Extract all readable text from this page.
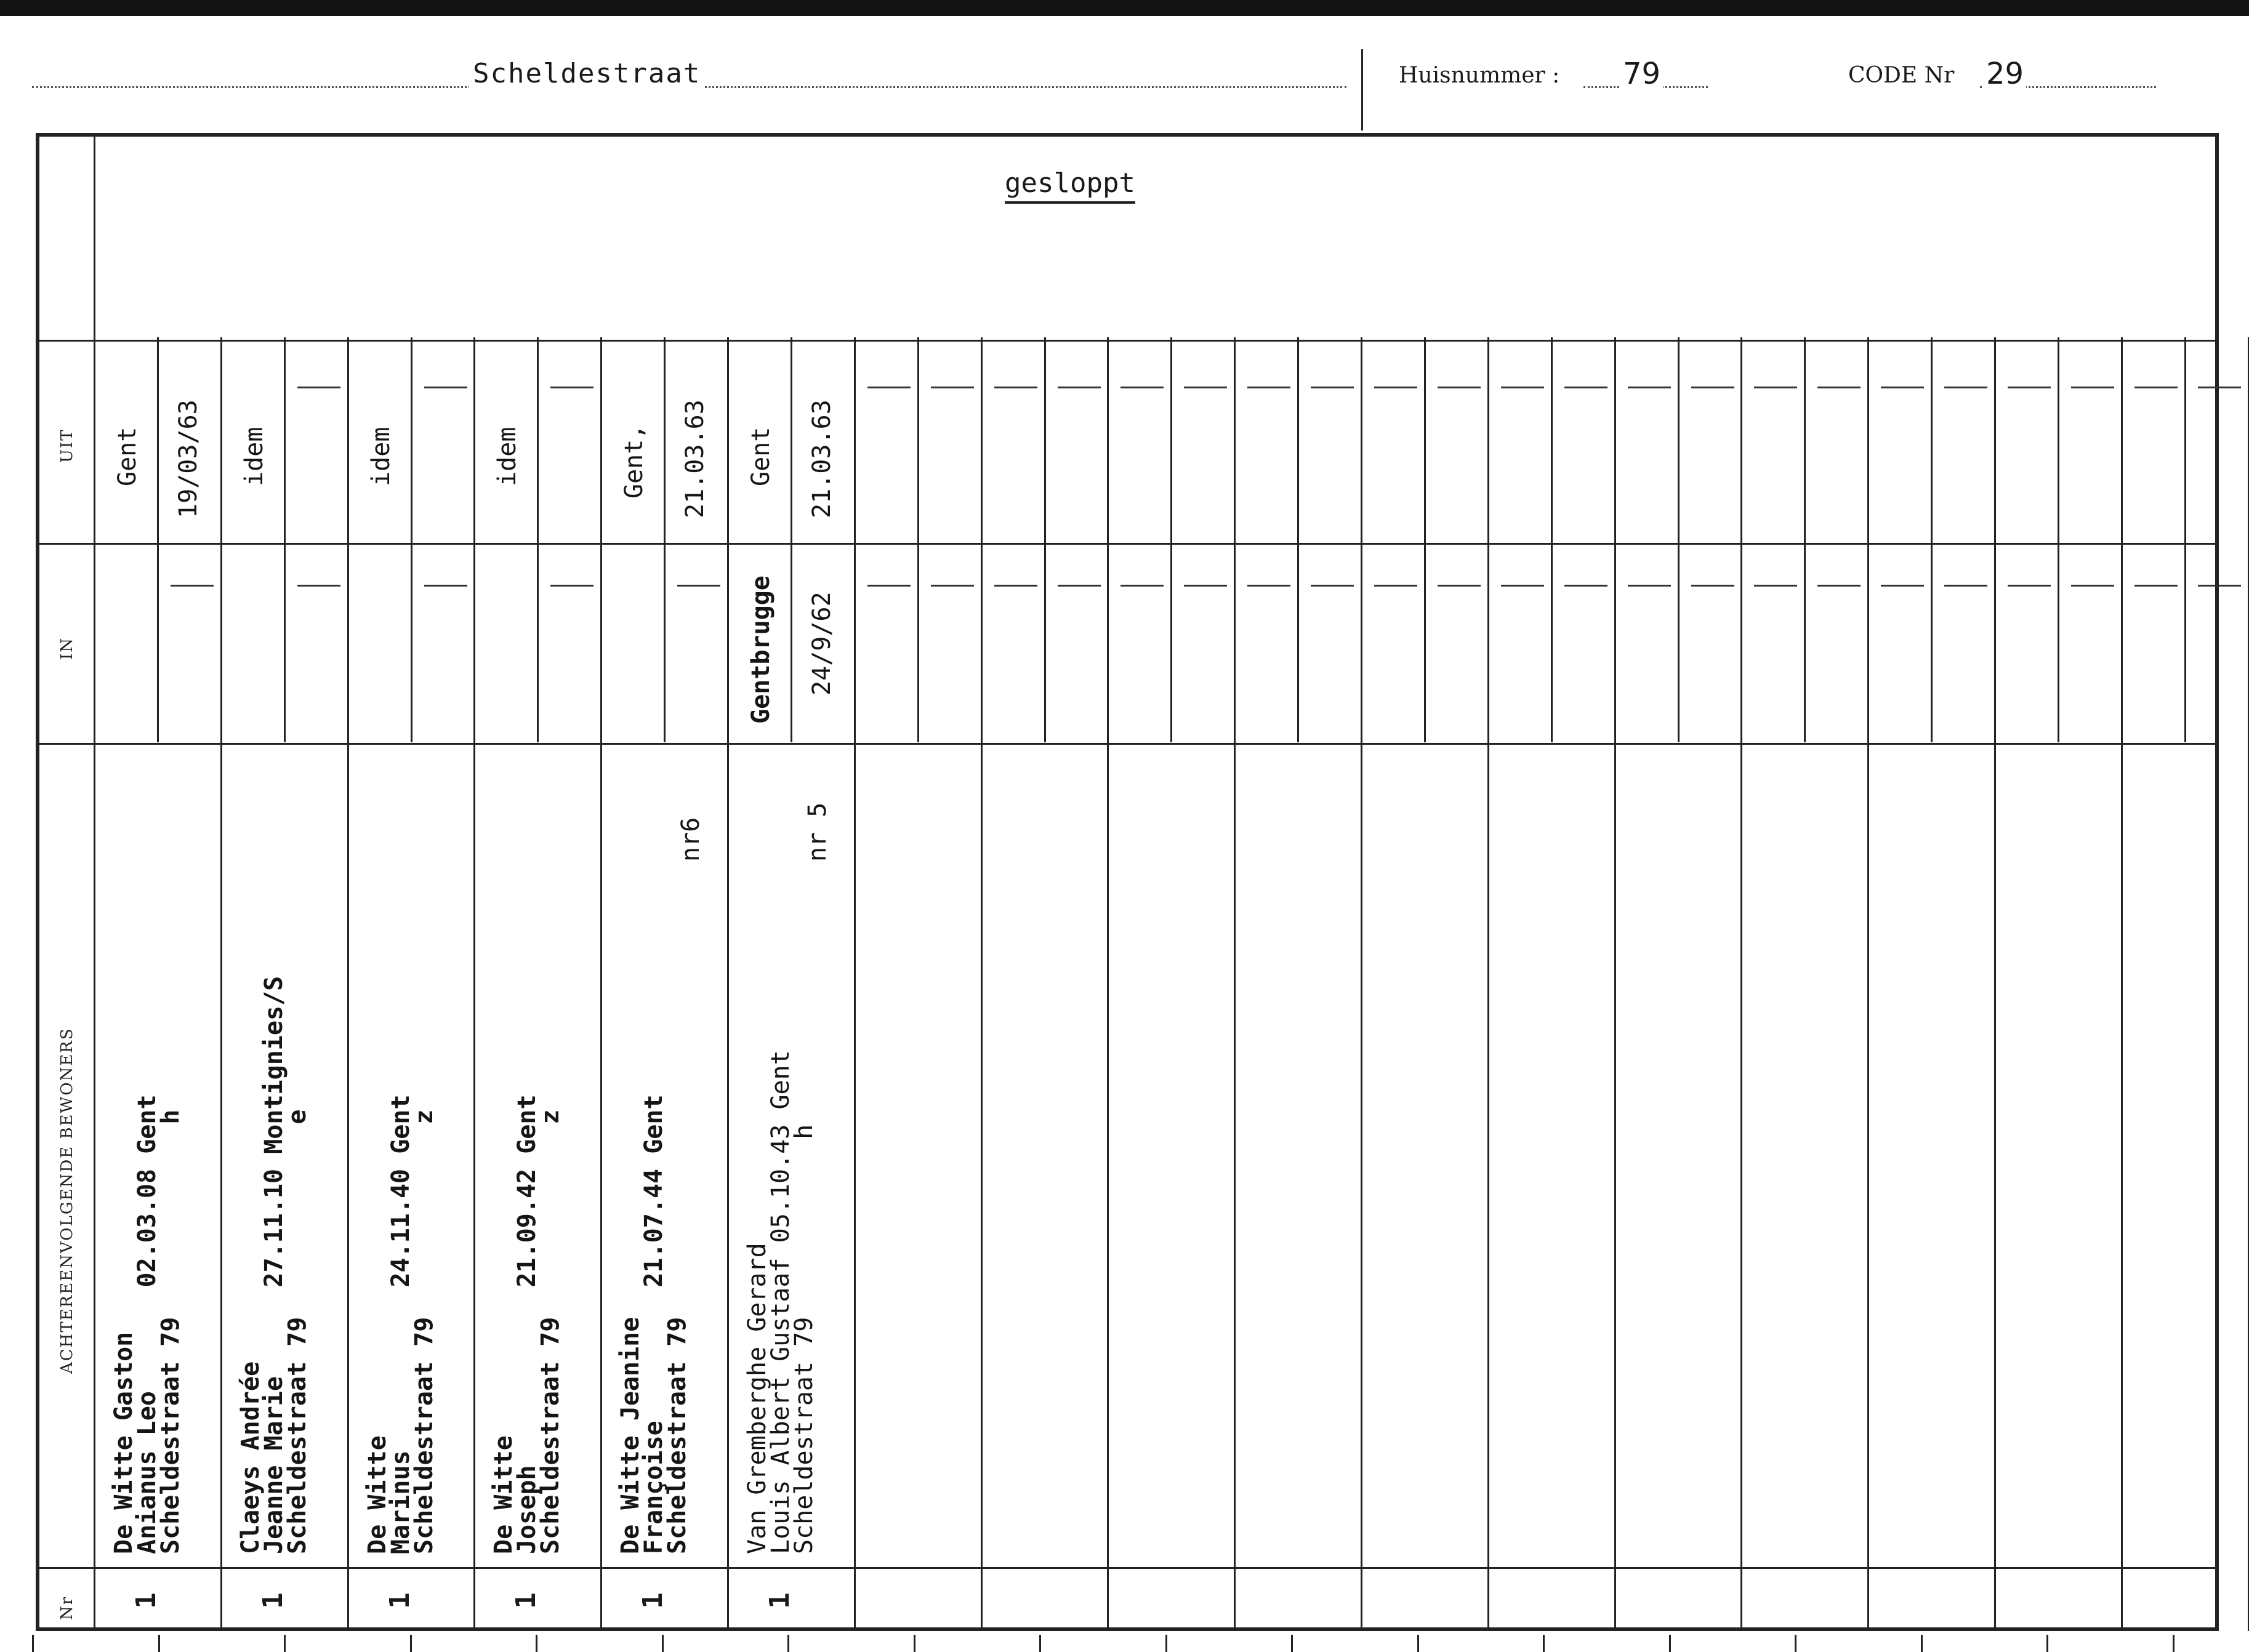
Scheldestraat	Huisnummer : 79	CODE Nr 29
gesloppt
UIT
IN
ACHTEREENVOLGENDE BEWONERS
Nr
De Witte Gaston
Anianus Leo       02.03.08 Gent
Scheldestraat 79             h
1
Gent 19/03/63
Claeys Andrée
Jeanne Marie      27.11.10 Montignies/S
Scheldestraat 79             e
1
idem
De Witte
Marinus           24.11.40 Gent
Scheldestraat 79             z
1
idem
De Witte
Joseph            21.09.42 Gent
Scheldestraat 79             z
1
idem
De Witte Jeanine
Françoise         21.07.44 Gent
Scheldestraat 79
nr6
1
Gent, 21.03.63
Van Gremberghe Gerard
Louis Albert Gustaaf 05.10.43 Gent
Scheldestraat 79            h
nr 5
1
Gent 21.03.63
Gentbrugge 24/9/62
